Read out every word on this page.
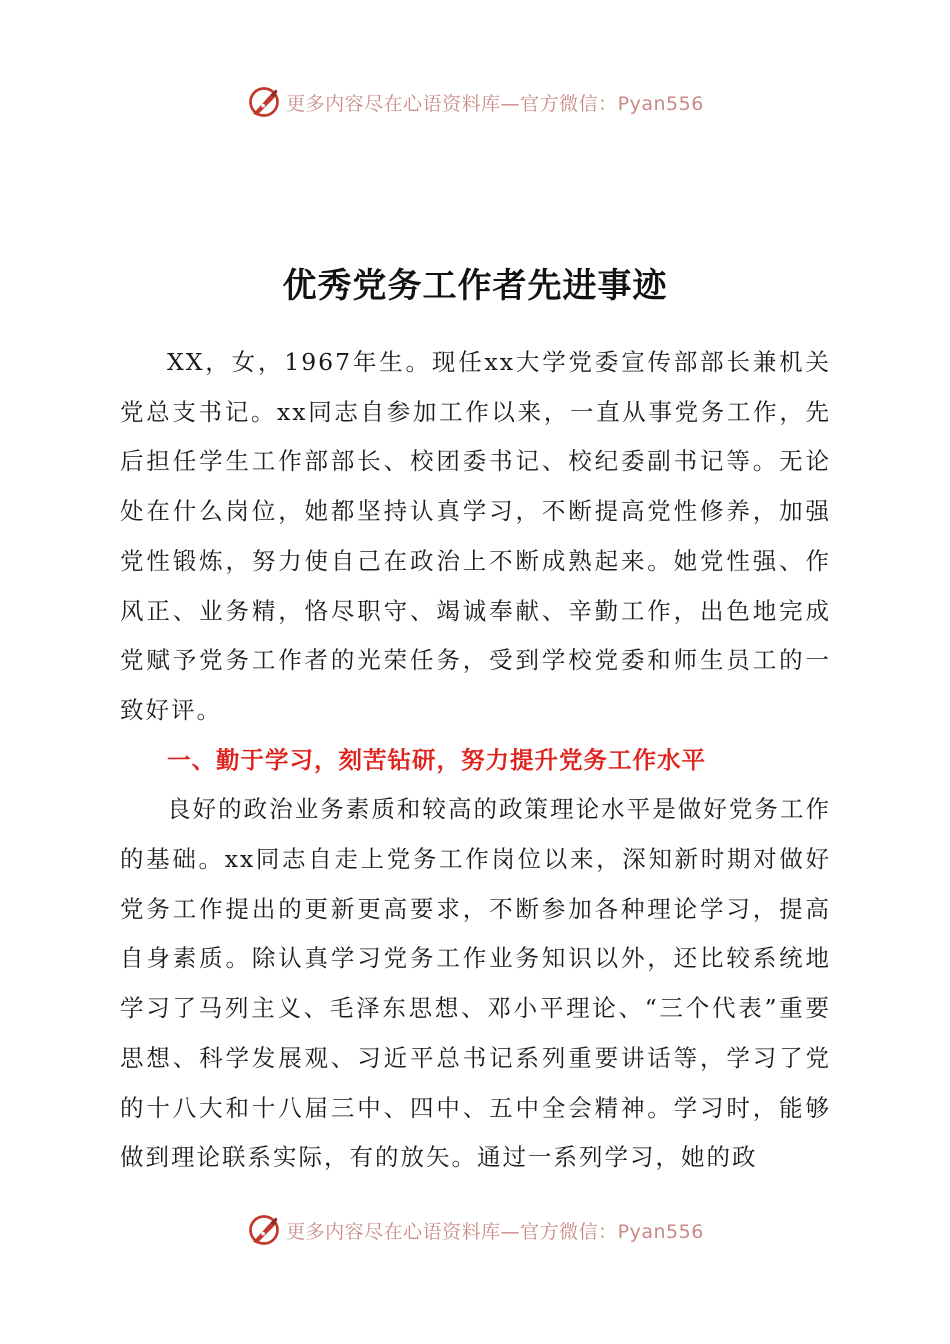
更多内容尽在心语资料库—官方微信：Pyan556
优秀党务工作者先进事迹

XX，女，1967年生。现任xx大学党委宣传部部长兼机关党总支书记。xx同志自参加工作以来，一直从事党务工作，先后担任学生工作部部长、校团委书记、校纪委副书记等。无论处在什么岗位，她都坚持认真学习，不断提高党性修养，加强党性锻炼，努力使自己在政治上不断成熟起来。她党性强、作风正、业务精，恪尽职守、竭诚奉献、辛勤工作，出色地完成党赋予党务工作者的光荣任务，受到学校党委和师生员工的一致好评。

一、勤于学习，刻苦钻研，努力提升党务工作水平

良好的政治业务素质和较高的政策理论水平是做好党务工作的基础。xx同志自走上党务工作岗位以来，深知新时期对做好党务工作提出的更新更高要求，不断参加各种理论学习，提高自身素质。除认真学习党务工作业务知识以外，还比较系统地学习了马列主义、毛泽东思想、邓小平理论、“三个代表”重要思想、科学发展观、习近平总书记系列重要讲话等，学习了党的十八大和十八届三中、四中、五中全会精神。学习时，能够做到理论联系实际，有的放矢。通过一系列学习，她的政

更多内容尽在心语资料库—官方微信：Pyan556
